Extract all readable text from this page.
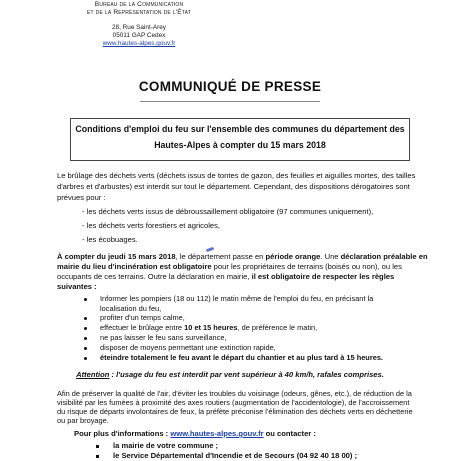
Bureau de la Communication
et de la Représentation de l'État
28, Rue Saint-Arey
05011 GAP Cedex
www.hautes-alpes.gouv.fr
COMMUNIQUÉ DE PRESSE
Conditions d'emploi du feu sur l'ensemble des communes du département des
Hautes-Alpes à compter du 15 mars 2018
Le brûlage des déchets verts (déchets issus de tontes de gazon, des feuilles et aiguilles mortes, des tailles
d'arbres et d'arbustes) est interdit sur tout le département. Cependant, des dispositions dérogatoires sont
prévues pour :
- les déchets verts issus de débroussaillement obligatoire (97 communes uniquement),
- les déchets verts forestiers et agricoles,
- les écobuages.
À compter du jeudi 15 mars 2018, le département passe en période orange. Une déclaration préalable en
mairie du lieu d'incinération est obligatoire pour les propriétaires de terrains (boisés ou non), ou les
occupants de ces terrains. Outre la déclaration en mairie, il est obligatoire de respecter les règles
suivantes :
Informer les pompiers (18 ou 112) le matin même de l'emploi du feu, en précisant la
localisation du feu,
profiter d'un temps calme,
effectuer le brûlage entre 10 et 15 heures, de préférence le matin,
ne pas laisser le feu sans surveillance,
disposer de moyens permettant une extinction rapide,
éteindre totalement le feu avant le départ du chantier et au plus tard à 15 heures.
Attention : l'usage du feu est interdit par vent supérieur à 40 km/h, rafales comprises.
Afin de préserver la qualité de l'air, d'éviter les troubles du voisinage (odeurs, gênes, etc.), de réduction de la
visibilité par les fumées à proximité des axes routiers (augmentation de l'accidentologie), de l'accroissement
du risque de départs involontaires de feux, la préfète préconise l'élimination des déchets verts en déchetterie
ou par broyage.
Pour plus d'informations : www.hautes-alpes.gouv.fr ou contacter :
la mairie de votre commune ;
le Service Départemental d'Incendie et de Secours (04 92 40 18 00) ;
